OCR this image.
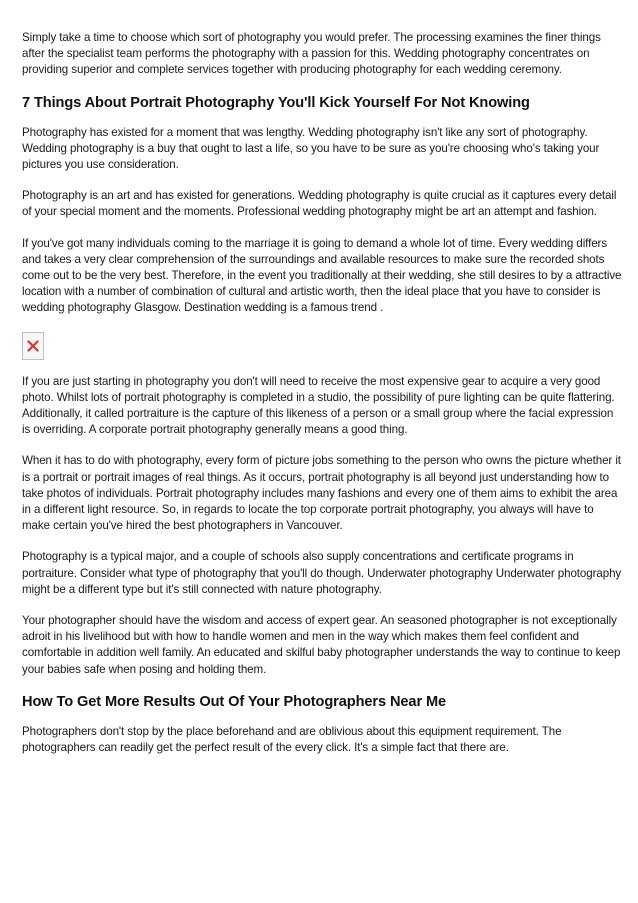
Simply take a time to choose which sort of photography you would prefer. The processing examines the finer things after the specialist team performs the photography with a passion for this. Wedding photography concentrates on providing superior and complete services together with producing photography for each wedding ceremony.

7 Things About Portrait Photography You'll Kick Yourself For Not Knowing

Photography has existed for a moment that was lengthy. Wedding photography isn't like any sort of photography. Wedding photography is a buy that ought to last a life, so you have to be sure as you're choosing who's taking your pictures you use consideration.

Photography is an art and has existed for generations. Wedding photography is quite crucial as it captures every detail of your special moment and the moments. Professional wedding photography might be art an attempt and fashion.

If you've got many individuals coming to the marriage it is going to demand a whole lot of time. Every wedding differs and takes a very clear comprehension of the surroundings and available resources to make sure the recorded shots come out to be the very best. Therefore, in the event you traditionally at their wedding, she still desires to by a attractive location with a number of combination of cultural and artistic worth, then the ideal place that you have to consider is wedding photography Glasgow. Destination wedding is a famous trend .

If you are just starting in photography you don't will need to receive the most expensive gear to acquire a very good photo. Whilst lots of portrait photography is completed in a studio, the possibility of pure lighting can be quite flattering. Additionally, it called portraiture is the capture of this likeness of a person or a small group where the facial expression is overriding. A corporate portrait photography generally means a good thing.

When it has to do with photography, every form of picture jobs something to the person who owns the picture whether it is a portrait or portrait images of real things. As it occurs, portrait photography is all beyond just understanding how to take photos of individuals. Portrait photography includes many fashions and every one of them aims to exhibit the area in a different light resource. So, in regards to locate the top corporate portrait photography, you always will have to make certain you've hired the best photographers in Vancouver.

Photography is a typical major, and a couple of schools also supply concentrations and certificate programs in portraiture. Consider what type of photography that you'll do though. Underwater photography Underwater photography might be a different type but it's still connected with nature photography.

Your photographer should have the wisdom and access of expert gear. An seasoned photographer is not exceptionally adroit in his livelihood but with how to handle women and men in the way which makes them feel confident and comfortable in addition well family. An educated and skilful baby photographer understands the way to continue to keep your babies safe when posing and holding them.

How To Get More Results Out Of Your Photographers Near Me

Photographers don't stop by the place beforehand and are oblivious about this equipment requirement. The photographers can readily get the perfect result of the every click. It's a simple fact that there are.
